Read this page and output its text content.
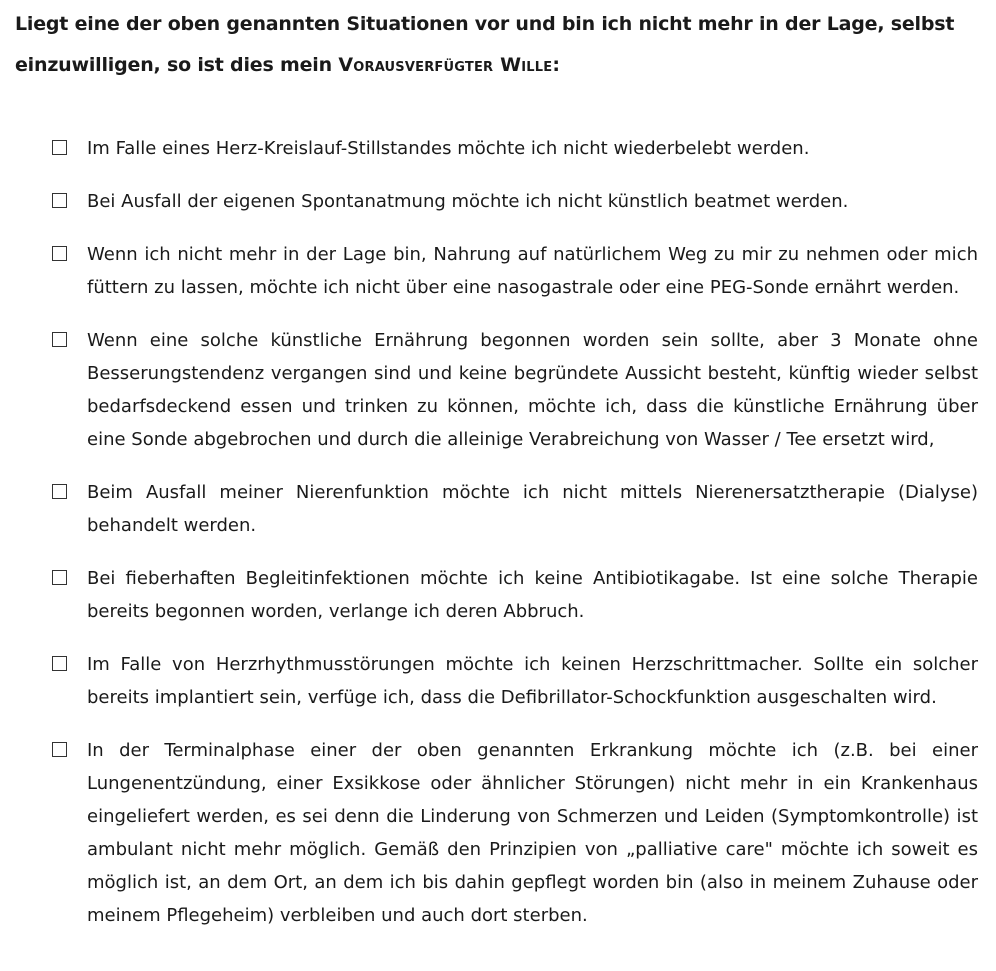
Liegt eine der oben genannten Situationen vor und bin ich nicht mehr in der Lage, selbst einzuwilligen, so ist dies mein Vorausverfügter Wille:

Im Falle eines Herz-Kreislauf-Stillstandes möchte ich nicht wiederbelebt werden.
Bei Ausfall der eigenen Spontanatmung möchte ich nicht künstlich beatmet werden.
Wenn ich nicht mehr in der Lage bin, Nahrung auf natürlichem Weg zu mir zu nehmen oder mich füttern zu lassen, möchte ich nicht über eine nasogastrale oder eine PEG-Sonde ernährt werden.
Wenn eine solche künstliche Ernährung begonnen worden sein sollte, aber 3 Monate ohne Besserungstendenz vergangen sind und keine begründete Aussicht besteht, künftig wieder selbst bedarfsdeckend essen und trinken zu können, möchte ich, dass die künstliche Ernährung über eine Sonde abgebrochen und durch die alleinige Verabreichung von Wasser / Tee ersetzt wird,
Beim Ausfall meiner Nierenfunktion möchte ich nicht mittels Nierenersatztherapie (Dialyse) behandelt werden.
Bei fieberhaften Begleitinfektionen möchte ich keine Antibiotikagabe. Ist eine solche Therapie bereits begonnen worden, verlange ich deren Abbruch.
Im Falle von Herzrhythmusstörungen möchte ich keinen Herzschrittmacher. Sollte ein solcher bereits implantiert sein, verfüge ich, dass die Defibrillator-Schockfunktion ausgeschalten wird.
In der Terminalphase einer der oben genannten Erkrankung möchte ich (z.B. bei einer Lungenentzündung, einer Exsikkose oder ähnlicher Störungen) nicht mehr in ein Krankenhaus eingeliefert werden, es sei denn die Linderung von Schmerzen und Leiden (Symptomkontrolle) ist ambulant nicht mehr möglich. Gemäß den Prinzipien von „palliative care" möchte ich soweit es möglich ist, an dem Ort, an dem ich bis dahin gepflegt worden bin (also in meinem Zuhause oder meinem Pflegeheim) verbleiben und auch dort sterben.
